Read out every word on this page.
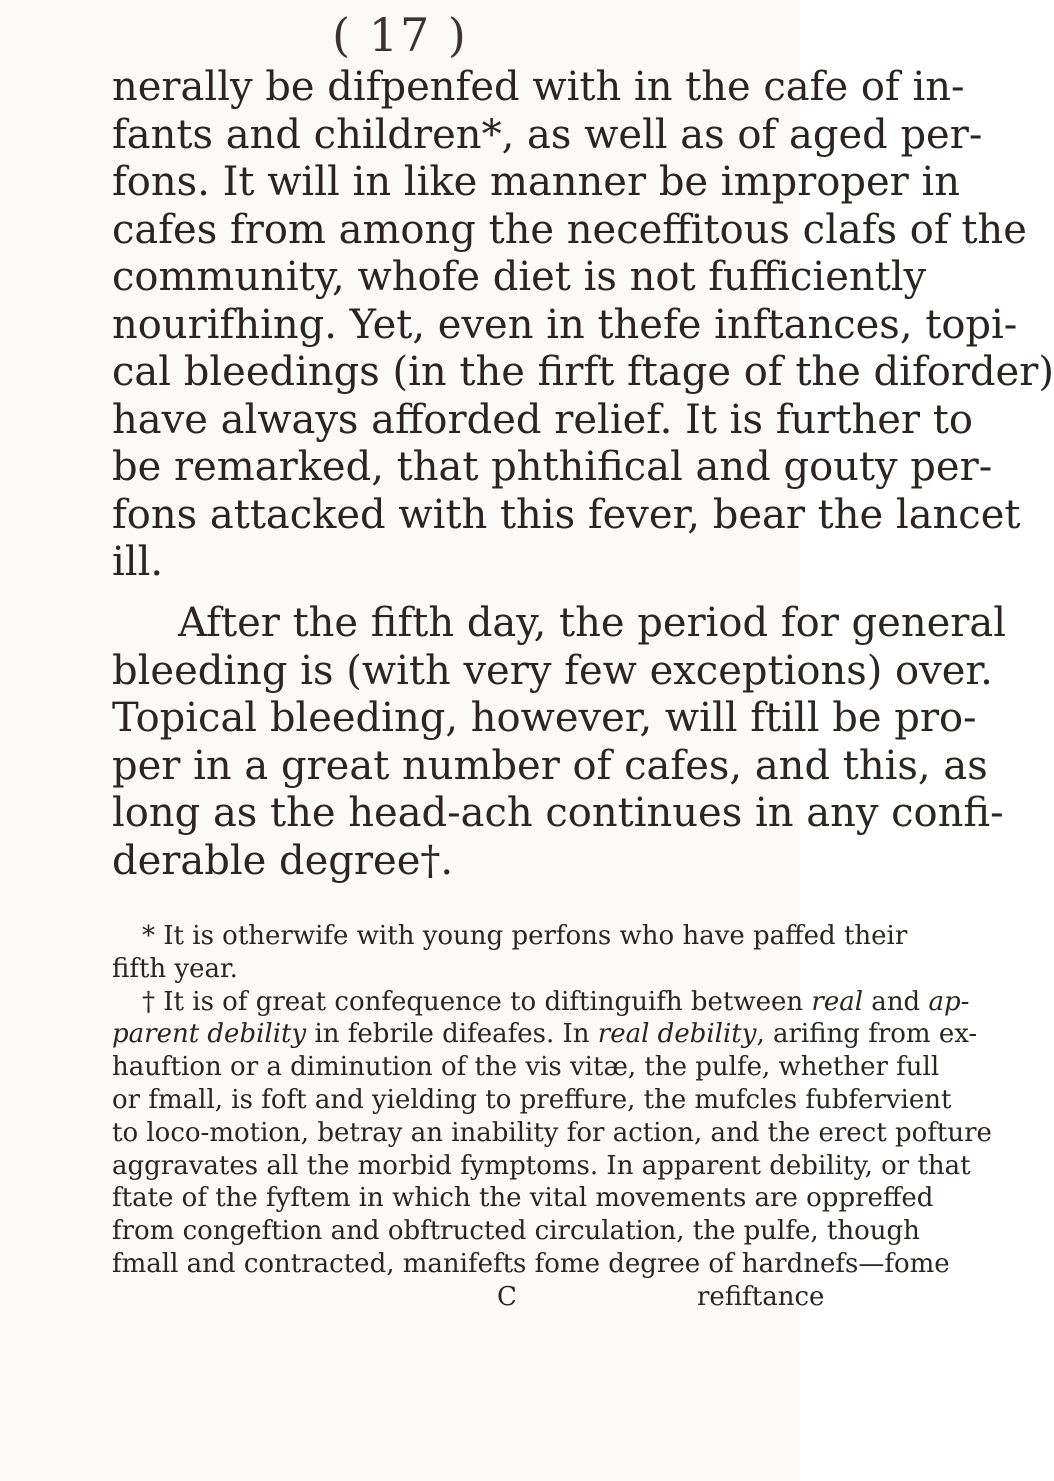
( 17 )
nerally be difpenfed with in the cafe of in-
fants and children*, as well as of aged per-
fons. It will in like manner be improper in
cafes from among the neceffitous clafs of the
community, whofe diet is not fufficiently
nourifhing. Yet, even in thefe inftances, topi-
cal bleedings (in the firft ftage of the diforder)
have always afforded relief. It is further to
be remarked, that phthifical and gouty per-
fons attacked with this fever, bear the lancet
ill.
After the fifth day, the period for general
bleeding is (with very few exceptions) over.
Topical bleeding, however, will ftill be pro-
per in a great number of cafes, and this, as
long as the head-ach continues in any confi-
derable degree†.
* It is otherwife with young perfons who have paffed their
fifth year.
† It is of great confequence to diftinguifh between real and ap-
parent debility in febrile difeafes. In real debility, arifing from ex-
hauftion or a diminution of the vis vitæ, the pulfe, whether full
or fmall, is foft and yielding to preffure, the mufcles fubfervient
to loco-motion, betray an inability for action, and the erect pofture
aggravates all the morbid fymptoms. In apparent debility, or that
ftate of the fyftem in which the vital movements are oppreffed
from congeftion and obftructed circulation, the pulfe, though
fmall and contracted, manifefts fome degree of hardnefs—fome
C	refiftance
